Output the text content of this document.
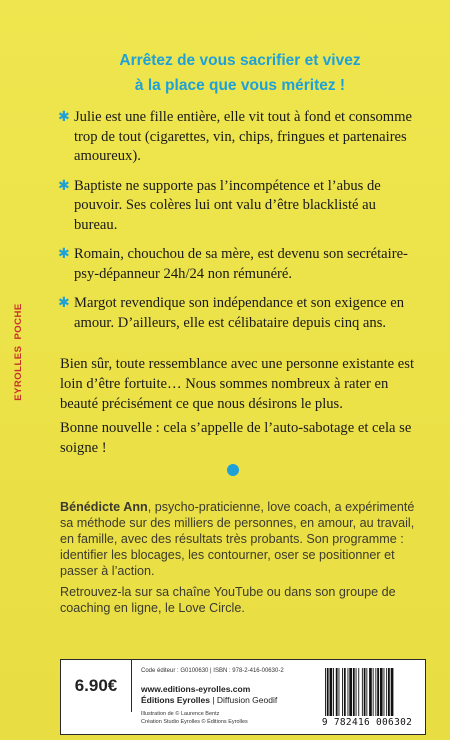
Arrêtez de vous sacrifier et vivez
à la place que vous méritez !
✱ Julie est une fille entière, elle vit tout à fond et consomme trop de tout (cigarettes, vin, chips, fringues et partenaires amoureux).
✱ Baptiste ne supporte pas l’incompétence et l’abus de pouvoir. Ses colères lui ont valu d’être blacklisté au bureau.
✱ Romain, chouchou de sa mère, est devenu son secrétaire-psy-dépanneur 24h/24 non rémunéré.
✱ Margot revendique son indépendance et son exigence en amour. D’ailleurs, elle est célibataire depuis cinq ans.
Bien sûr, toute ressemblance avec une personne existante est loin d’être fortuite… Nous sommes nombreux à rater en beauté précisément ce que nous désirons le plus.
Bonne nouvelle : cela s’appelle de l’auto-sabotage et cela se soigne !
Bénédicte Ann, psycho-praticienne, love coach, a expérimenté sa méthode sur des milliers de personnes, en amour, au travail, en famille, avec des résultats très probants. Son programme : identifier les blocages, les contourner, oser se positionner et passer à l’action.
Retrouvez-la sur sa chaîne YouTube ou dans son groupe de coaching en ligne, le Love Circle.
EYROLLES
POCHE
6.90€
Code éditeur : G0100630 | ISBN : 978-2-416-00630-2
www.editions-eyrolles.com
Éditions Eyrolles | Diffusion Geodif
Illustration de © Laurence Bentz
Création Studio Eyrolles © Éditions Eyrolles	9 782416 006302
